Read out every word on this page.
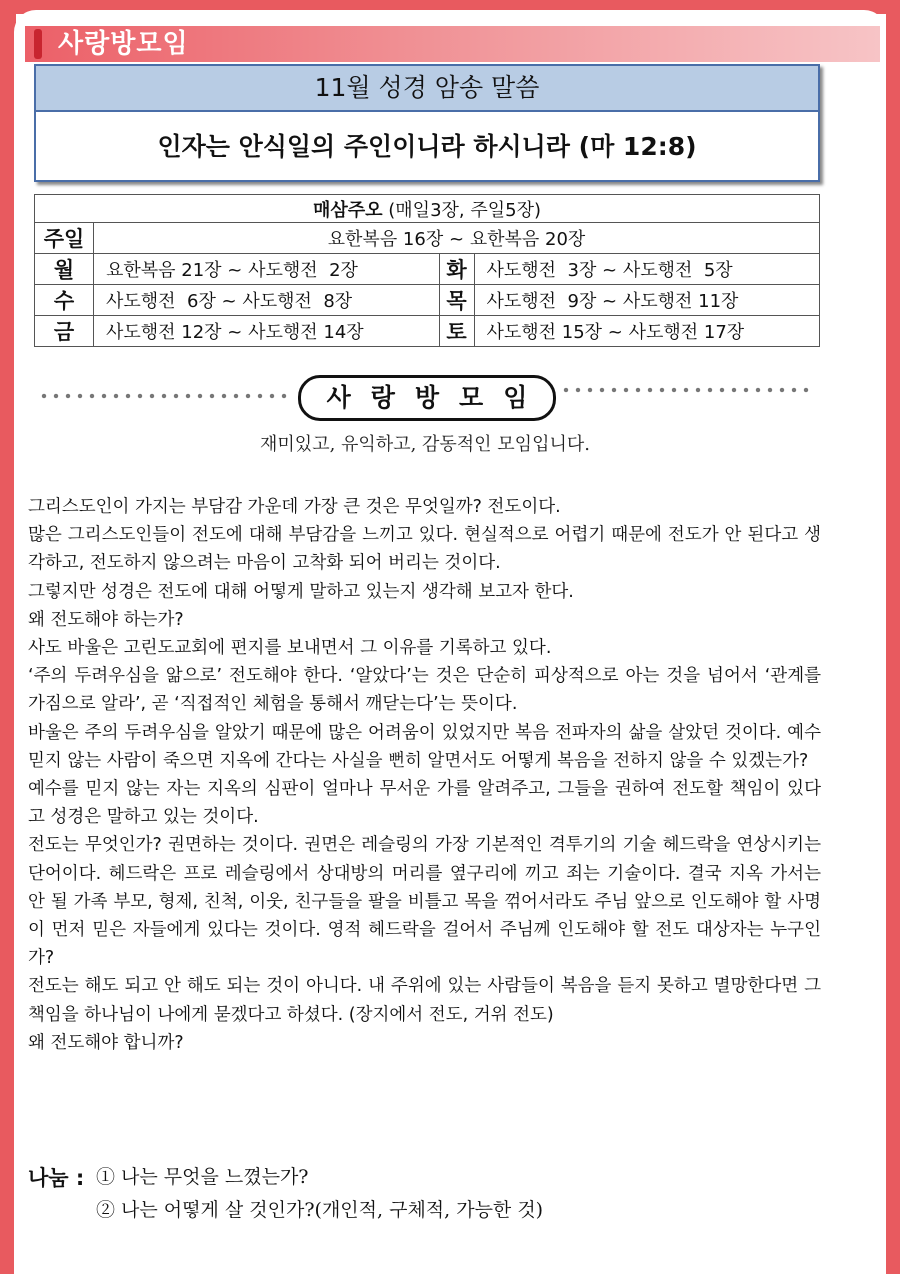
사랑방모임
11월 성경 암송 말씀
인자는 안식일의 주인이니라 하시니라 (마 12:8)
매삼주오 (매일3장, 주일5장)			
주일	요한복음 16장 ~ 요한복음 20장		
월	요한복음 21장 ~ 사도행전  2장	화	사도행전  3장 ~ 사도행전  5장
수	사도행전  6장 ~ 사도행전  8장	목	사도행전  9장 ~ 사도행전 11장
금	사도행전 12장 ~ 사도행전 14장	토	사도행전 15장 ~ 사도행전 17장
사랑방모임
재미있고, 유익하고, 감동적인 모임입니다.

그리스도인이 가지는 부담감 가운데 가장 큰 것은 무엇일까? 전도이다.

많은 그리스도인들이 전도에 대해 부담감을 느끼고 있다. 현실적으로 어렵기 때문에 전도가 안 된다고 생각하고, 전도하지 않으려는 마음이 고착화 되어 버리는 것이다.

그렇지만 성경은 전도에 대해 어떻게 말하고 있는지 생각해 보고자 한다.

왜 전도해야 하는가?

사도 바울은 고린도교회에 편지를 보내면서 그 이유를 기록하고 있다.

‘주의 두려우심을 앎으로’ 전도해야 한다. ‘알았다’는 것은 단순히 피상적으로 아는 것을 넘어서 ‘관계를 가짐으로 알라’, 곧 ‘직접적인 체험을 통해서 깨닫는다’는 뜻이다.

바울은 주의 두려우심을 알았기 때문에 많은 어려움이 있었지만 복음 전파자의 삶을 살았던 것이다. 예수 믿지 않는 사람이 죽으면 지옥에 간다는 사실을 뻔히 알면서도 어떻게 복음을 전하지 않을 수 있겠는가?

예수를 믿지 않는 자는 지옥의 심판이 얼마나 무서운 가를 알려주고, 그들을 권하여 전도할 책임이 있다고 성경은 말하고 있는 것이다.

전도는 무엇인가? 권면하는 것이다. 권면은 레슬링의 가장 기본적인 격투기의 기술 헤드락을 연상시키는 단어이다. 헤드락은 프로 레슬링에서 상대방의 머리를 옆구리에 끼고 죄는 기술이다. 결국 지옥 가서는 안 될 가족 부모, 형제, 친척, 이웃, 친구들을 팔을 비틀고 목을 꺾어서라도 주님 앞으로 인도해야 할 사명이 먼저 믿은 자들에게 있다는 것이다. 영적 헤드락을 걸어서 주님께 인도해야 할 전도 대상자는 누구인가?

전도는 해도 되고 안 해도 되는 것이 아니다. 내 주위에 있는 사람들이 복음을 듣지 못하고 멸망한다면 그 책임을 하나님이 나에게 묻겠다고 하셨다. (장지에서 전도, 거위 전도)

왜 전도해야 합니까?

나눔 : ① 나는 무엇을 느꼈는가?
② 나는 어떻게 살 것인가?(개인적, 구체적, 가능한 것)
